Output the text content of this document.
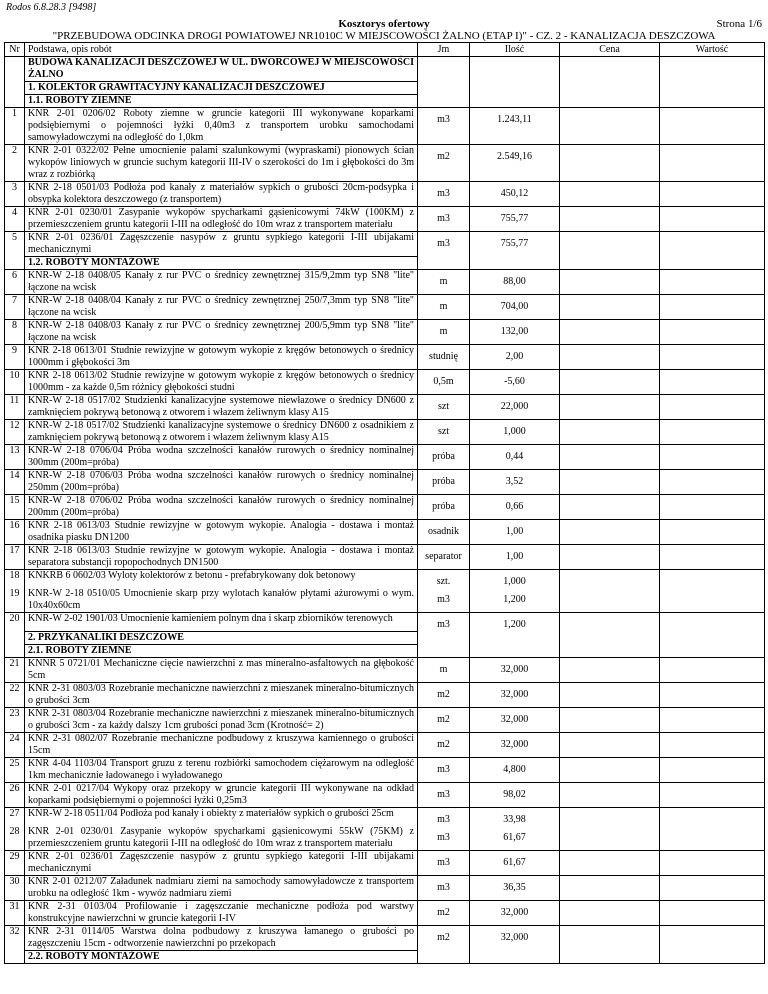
Rodos 6.8.28.3 [9498]
Kosztorys ofertowy	Strona 1/6
"PRZEBUDOWA ODCINKA DROGI POWIATOWEJ NR1010C W MIEJSCOWOŚCI ŻALNO (ETAP I)" - CZ. 2 - KANALIZACJA DESZCZOWA
Nr	Podstawa, opis robót	Jm	Ilość	Cena	Wartość
	BUDOWA KANALIZACJI DESZCZOWEJ W UL. DWORCOWEJ W MIEJSCOWOŚCI ŻALNO				
	1. KOLEKTOR GRAWITACYJNY KANALIZACJI DESZCZOWEJ				
	1.1. ROBOTY ZIEMNE				
1	KNR 2-01 0206/02 Roboty ziemne w gruncie kategorii III wykonywane koparkami podsiębiernymi o pojemności łyżki 0,40m3 z transportem urobku samochodami samowyładowczymi na odległość do 1,0km	m3	1.243,11		
2	KNR 2-01 0322/02 Pełne umocnienie palami szalunkowymi (wypraskami) pionowych ścian wykopów liniowych w gruncie suchym kategorii III-IV o szerokości do 1m i głębokości do 3m wraz z rozbiórką	m2	2.549,16		
3	KNR 2-18 0501/03 Podłoża pod kanały z materiałów sypkich o grubości 20cm-podsypka i obsypka kolektora deszczowego (z transportem)	m3	450,12		
4	KNR 2-01 0230/01 Zasypanie wykopów spycharkami gąsienicowymi 74kW (100KM) z przemieszczeniem gruntu kategorii I-III na odległość do 10m wraz z transportem materiału	m3	755,77		
5	KNR 2-01 0236/01 Zagęszczenie nasypów z gruntu sypkiego kategorii I-III ubijakami mechanicznymi	m3	755,77		
	1.2. ROBOTY MONTAŻOWE				
6	KNR-W 2-18 0408/05 Kanały z rur PVC o średnicy zewnętrznej 315/9,2mm typ SN8 "lite" łączone na wcisk	m	88,00		
7	KNR-W 2-18 0408/04 Kanały z rur PVC o średnicy zewnętrznej 250/7,3mm typ SN8 "lite" łączone na wcisk	m	704,00		
8	KNR-W 2-18 0408/03 Kanały z rur PVC o średnicy zewnętrznej 200/5,9mm typ SN8 "lite" łączone na wcisk	m	132,00		
9	KNR 2-18 0613/01 Studnie rewizyjne w gotowym wykopie z kręgów betonowych o średnicy 1000mm i głębokości 3m	studnię	2,00		
10	KNR 2-18 0613/02 Studnie rewizyjne w gotowym wykopie z kręgów betonowych o średnicy 1000mm - za każde 0,5m różnicy głębokości studni	0,5m	-5,60		
11	KNR-W 2-18 0517/02 Studzienki kanalizacyjne systemowe niewłazowe o średnicy DN600 z zamknięciem pokrywą betonową z otworem i włazem żeliwnym klasy A15	szt	22,000		
12	KNR-W 2-18 0517/02 Studzienki kanalizacyjne systemowe o średnicy DN600 z osadnikiem z zamknięciem pokrywą betonową z otworem i włazem żeliwnym klasy A15	szt	1,000		
13	KNR-W 2-18 0706/04 Próba wodna szczelności kanałów rurowych o średnicy nominalnej 300mm (200m=próba)	próba	0,44		
14	KNR-W 2-18 0706/03 Próba wodna szczelności kanałów rurowych o średnicy nominalnej 250mm (200m=próba)	próba	3,52		
15	KNR-W 2-18 0706/02 Próba wodna szczelności kanałów rurowych o średnicy nominalnej 200mm (200m=próba)	próba	0,66		
16	KNR 2-18 0613/03 Studnie rewizyjne w gotowym wykopie. Analogia - dostawa i montaż osadnika piasku DN1200	osadnik	1,00		
17	KNR 2-18 0613/03 Studnie rewizyjne w gotowym wykopie. Analogia - dostawa i montaż separatora substancji ropopochodnych DN1500	separator	1,00		
18	KNKRB 6 0602/03 Wyloty kolektorów z betonu - prefabrykowany dok betonowy	szt.	1,000		
19	KNR-W 2-18 0510/05 Umocnienie skarp przy wylotach kanałów płytami ażurowymi o wym. 10x40x60cm	m3	1,200		
20	KNR-W 2-02 1901/03 Umocnienie kamieniem polnym dna i skarp zbiorników terenowych	m3	1,200		
	2. PRZYKANALIKI DESZCZOWE				
	2.1. ROBOTY ZIEMNE				
21	KNNR 5 0721/01 Mechaniczne cięcie nawierzchni z mas mineralno-asfaltowych na głębokość 5cm	m	32,000		
22	KNR 2-31 0803/03 Rozebranie mechaniczne nawierzchni z mieszanek mineralno-bitumicznych o grubości 3cm	m2	32,000		
23	KNR 2-31 0803/04 Rozebranie mechaniczne nawierzchni z mieszanek mineralno-bitumicznych o grubości 3cm - za każdy dalszy 1cm grubości ponad 3cm (Krotność= 2)	m2	32,000		
24	KNR 2-31 0802/07 Rozebranie mechaniczne podbudowy z kruszywa kamiennego o grubości 15cm	m2	32,000		
25	KNR 4-04 1103/04 Transport gruzu z terenu rozbiórki samochodem ciężarowym na odległość 1km mechanicznie ładowanego i wyładowanego	m3	4,800		
26	KNR 2-01 0217/04 Wykopy oraz przekopy w gruncie kategorii III wykonywane na odkład koparkami podsiębiernymi o pojemności łyżki 0,25m3	m3	98,02		
27	KNR-W 2-18 0511/04 Podłoża pod kanały i obiekty z materiałów sypkich o grubości 25cm	m3	33,98		
28	KNR 2-01 0230/01 Zasypanie wykopów spycharkami gąsienicowymi 55kW (75KM) z przemieszczeniem gruntu kategorii I-III na odległość do 10m wraz z transportem materiału	m3	61,67		
29	KNR 2-01 0236/01 Zagęszczenie nasypów z gruntu sypkiego kategorii I-III ubijakami mechanicznymi	m3	61,67		
30	KNR 2-01 0212/07 Załadunek nadmiaru ziemi na samochody samowyładowcze z transportem urobku na odległość 1km - wywóz nadmiaru ziemi	m3	36,35		
31	KNR 2-31 0103/04 Profilowanie i zagęszczanie mechaniczne podłoża pod warstwy konstrukcyjne nawierzchni w gruncie kategorii I-IV	m2	32,000		
32	KNR 2-31 0114/05 Warstwa dolna podbudowy z kruszywa łamanego o grubości po zagęszczeniu 15cm - odtworzenie nawierzchni po przekopach	m2	32,000		
	2.2. ROBOTY MONTAŻOWE				
